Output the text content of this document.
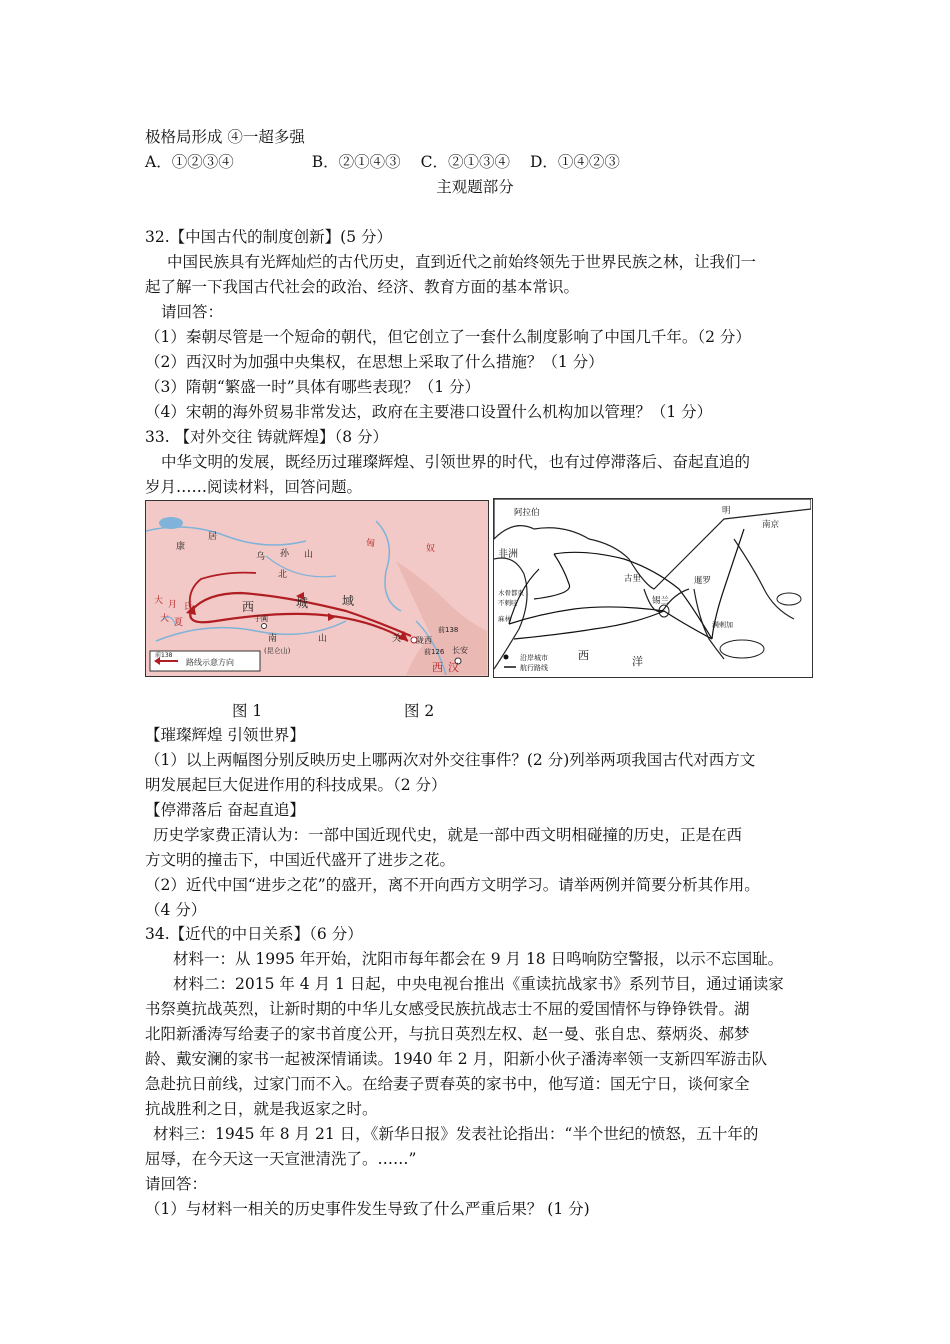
极格局形成 ④一超多强
A．①②③④	B．②①④③ C．②①③④ D．①④②③
主观题部分
32.【中国古代的制度创新】(5 分）
中国民族具有光辉灿烂的古代历史，直到近代之前始终领先于世界民族之林，让我们一
起了解一下我国古代社会的政治、经济、教育方面的基本常识。
请回答：
（1）秦朝尽管是一个短命的朝代，但它创立了一套什么制度影响了中国几千年。（2 分）
（2）西汉时为加强中央集权，在思想上采取了什么措施？（1 分）
（3）隋朝“繁盛一时”具体有哪些表现？（1 分）
（4）宋朝的海外贸易非常发达，政府在主要港口设置什么机构加以管理？（1 分）
33. 【对外交往 铸就辉煌】（8 分）
中华文明的发展，既经历过璀璨辉煌、引领世界的时代，也有过停滞落后、奋起直追的
岁月……阅读材料，回答问题。
康
居
乌 孙 山
北
匈	奴
大 月 氏
大 夏
西	城	域
南	山
于阗
(昆仑山)
前138
关 陇西
前126 长安
西 汉
路线示意方向
前138
阿拉伯	明
南京
非洲
西	洋
暹罗
锡兰
满剌加
古里
木骨都束
不剌哇
麻林
沿岸城市
航行路线
图 1	图 2
【璀璨辉煌 引领世界】
（1）以上两幅图分别反映历史上哪两次对外交往事件？(2 分)列举两项我国古代对西方文
明发展起巨大促进作用的科技成果。（2 分）
【停滞落后 奋起直追】
历史学家费正清认为：一部中国近现代史，就是一部中西文明相碰撞的历史，正是在西
方文明的撞击下，中国近代盛开了进步之花。
（2）近代中国“进步之花”的盛开，离不开向西方文明学习。请举两例并简要分析其作用。
（4 分）
34.【近代的中日关系】（6 分）
材料一：从 1995 年开始，沈阳市每年都会在 9 月 18 日鸣响防空警报，以示不忘国耻。
材料二：2015 年 4 月 1 日起，中央电视台推出《重读抗战家书》系列节目，通过诵读家
书祭奠抗战英烈，让新时期的中华儿女感受民族抗战志士不屈的爱国情怀与铮铮铁骨。湖
北阳新潘涛写给妻子的家书首度公开，与抗日英烈左权、赵一曼、张自忠、蔡炳炎、郝梦
龄、戴安澜的家书一起被深情诵读。1940 年 2 月，阳新小伙子潘涛率领一支新四军游击队
急赴抗日前线，过家门而不入。在给妻子贾春英的家书中，他写道：国无宁日，谈何家全
抗战胜利之日，就是我返家之时。
材料三：1945 年 8 月 21 日，《新华日报》发表社论指出：“半个世纪的愤怒，五十年的
屈辱，在今天这一天宣泄清洗了。……”
请回答：
（1）与材料一相关的历史事件发生导致了什么严重后果？ (1 分)
